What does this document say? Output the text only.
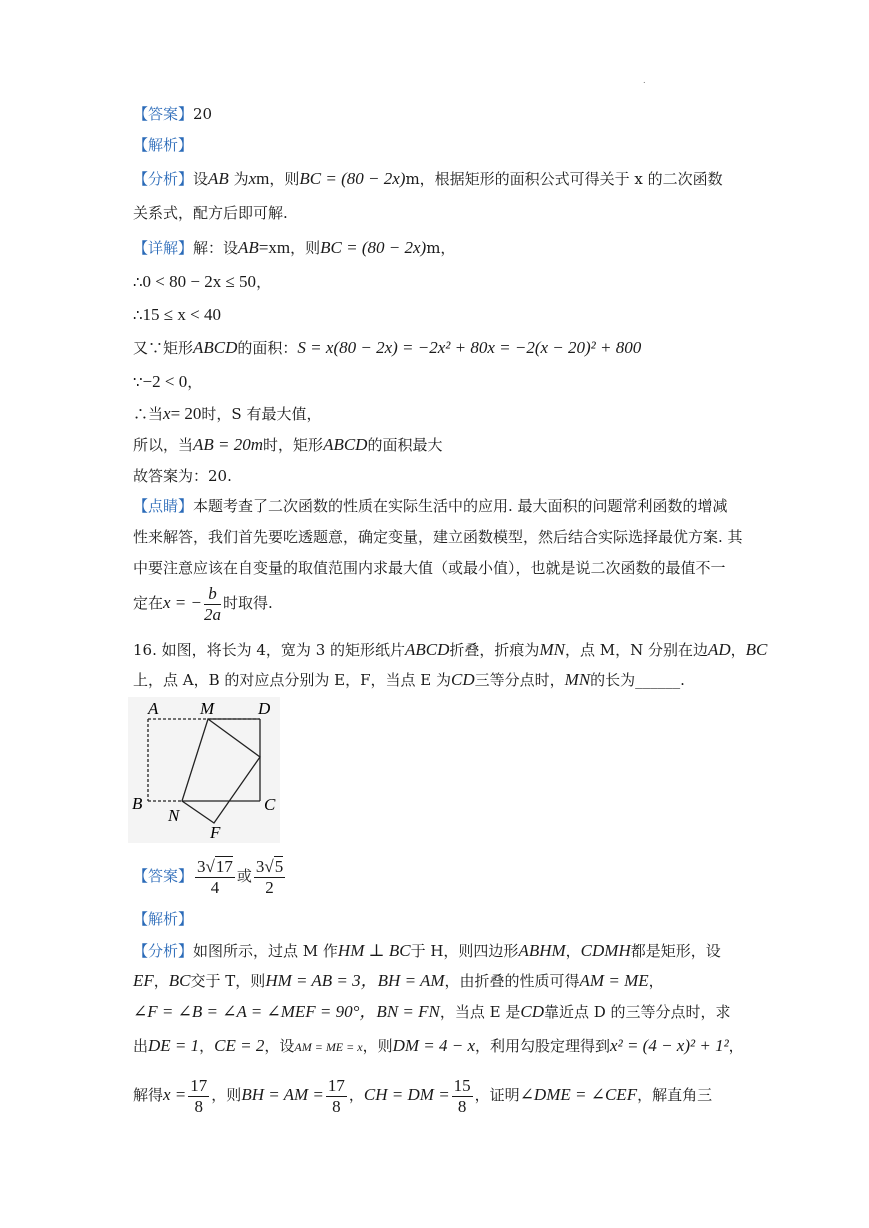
.
【答案】20
【解析】
【分析】设AB 为xm，则BC = (80 − 2x)m，根据矩形的面积公式可得关于 x 的二次函数
关系式，配方后即可解.
【详解】解：设AB=xm，则BC = (80 − 2x)m，
∴0 < 80 − 2x ≤ 50，
∴15 ≤ x < 40
又∵矩形ABCD的面积：S = x(80 − 2x) = −2x² + 80x = −2(x − 20)² + 800
∵−2 < 0，
∴当x= 20时，S 有最大值，
所以，当AB = 20m时，矩形ABCD的面积最大
故答案为：20.
【点睛】本题考查了二次函数的性质在实际生活中的应用. 最大面积的问题常利函数的增减
性来解答，我们首先要吃透题意，确定变量，建立函数模型，然后结合实际选择最优方案. 其
中要注意应该在自变量的取值范围内求最大值（或最小值），也就是说二次函数的最值不一
定在x = − $\frac{b}{2a}$ 时取得.
16. 如图，将长为 4，宽为 3 的矩形纸片ABCD折叠，折痕为MN，点 M，N 分别在边AD，BC
上，点 A，B 的对应点分别为 E，F，当点 E 为CD三等分点时，MN的长为______.
A M	D
B	C
N
F
【答案】 $\frac{3√17}{4}$ 或 $\frac{3√5}{2}$
【解析】
【分析】如图所示，过点 M 作HM ⊥ BC于 H，则四边形ABHM，CDMH都是矩形，设
EF，BC交于 T，则HM = AB = 3，BH = AM，由折叠的性质可得AM = ME，
∠F = ∠B = ∠A = ∠MEF = 90°，BN = FN，当点 E 是CD靠近点 D 的三等分点时，求
出DE = 1，CE = 2，设AM = ME = x，则DM = 4 − x，利用勾股定理得到x² = (4 − x)² + 1²，
解得$x = \frac{17}{8}$ ，则BH = AM = $\frac{17}{8}$ ，CH = DM = $\frac{15}{8}$ ，证明∠DME = ∠CEF，解直角三
